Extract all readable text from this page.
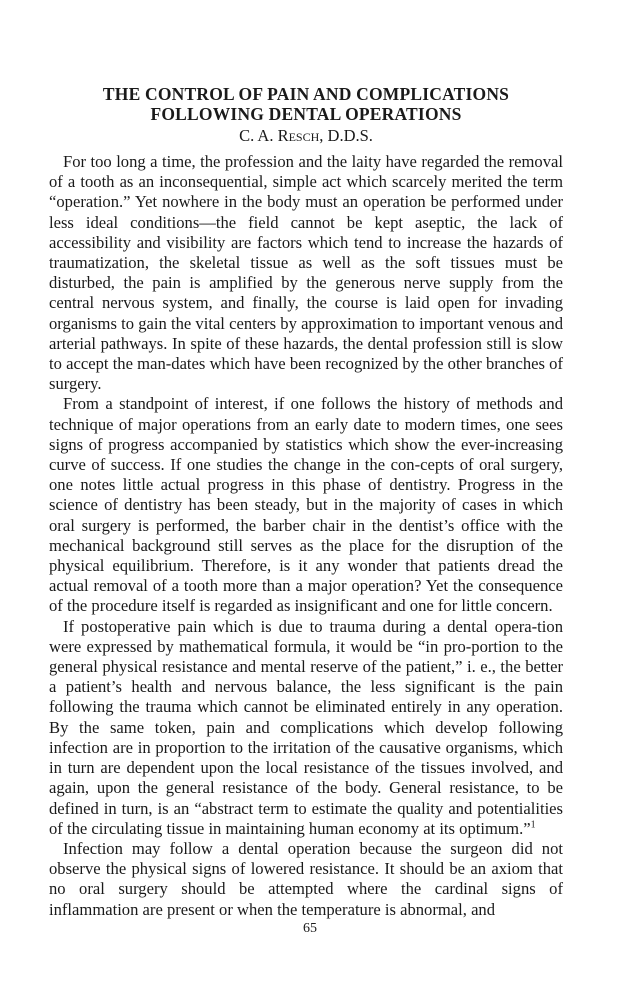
THE CONTROL OF PAIN AND COMPLICATIONS
FOLLOWING DENTAL OPERATIONS
C. A. Resch, D.D.S.

For too long a time, the profession and the laity have regarded the removal of a tooth as an inconsequential, simple act which scarcely merited the term “operation.” Yet nowhere in the body must an operation be performed under less ideal conditions—the field cannot be kept aseptic, the lack of accessibility and visibility are factors which tend to increase the hazards of traumatization, the skeletal tissue as well as the soft tissues must be disturbed, the pain is amplified by the generous nerve supply from the central nervous system, and finally, the course is laid open for invading organisms to gain the vital centers by approximation to important venous and arterial pathways. In spite of these hazards, the dental profession still is slow to accept the man-dates which have been recognized by the other branches of surgery.

From a standpoint of interest, if one follows the history of methods and technique of major operations from an early date to modern times, one sees signs of progress accompanied by statistics which show the ever-increasing curve of success. If one studies the change in the con-cepts of oral surgery, one notes little actual progress in this phase of dentistry. Progress in the science of dentistry has been steady, but in the majority of cases in which oral surgery is performed, the barber chair in the dentist’s office with the mechanical background still serves as the place for the disruption of the physical equilibrium. Therefore, is it any wonder that patients dread the actual removal of a tooth more than a major operation? Yet the consequence of the procedure itself is regarded as insignificant and one for little concern.

If postoperative pain which is due to trauma during a dental opera-tion were expressed by mathematical formula, it would be “in pro-portion to the general physical resistance and mental reserve of the patient,” i. e., the better a patient’s health and nervous balance, the less significant is the pain following the trauma which cannot be eliminated entirely in any operation. By the same token, pain and complications which develop following infection are in proportion to the irritation of the causative organisms, which in turn are dependent upon the local resistance of the tissues involved, and again, upon the general resistance of the body. General resistance, to be defined in turn, is an “abstract term to estimate the quality and potentialities of the circulating tissue in maintaining human economy at its optimum.”$^1$

Infection may follow a dental operation because the surgeon did not observe the physical signs of lowered resistance. It should be an axiom that no oral surgery should be attempted where the cardinal signs of inflammation are present or when the temperature is abnormal, and

65
